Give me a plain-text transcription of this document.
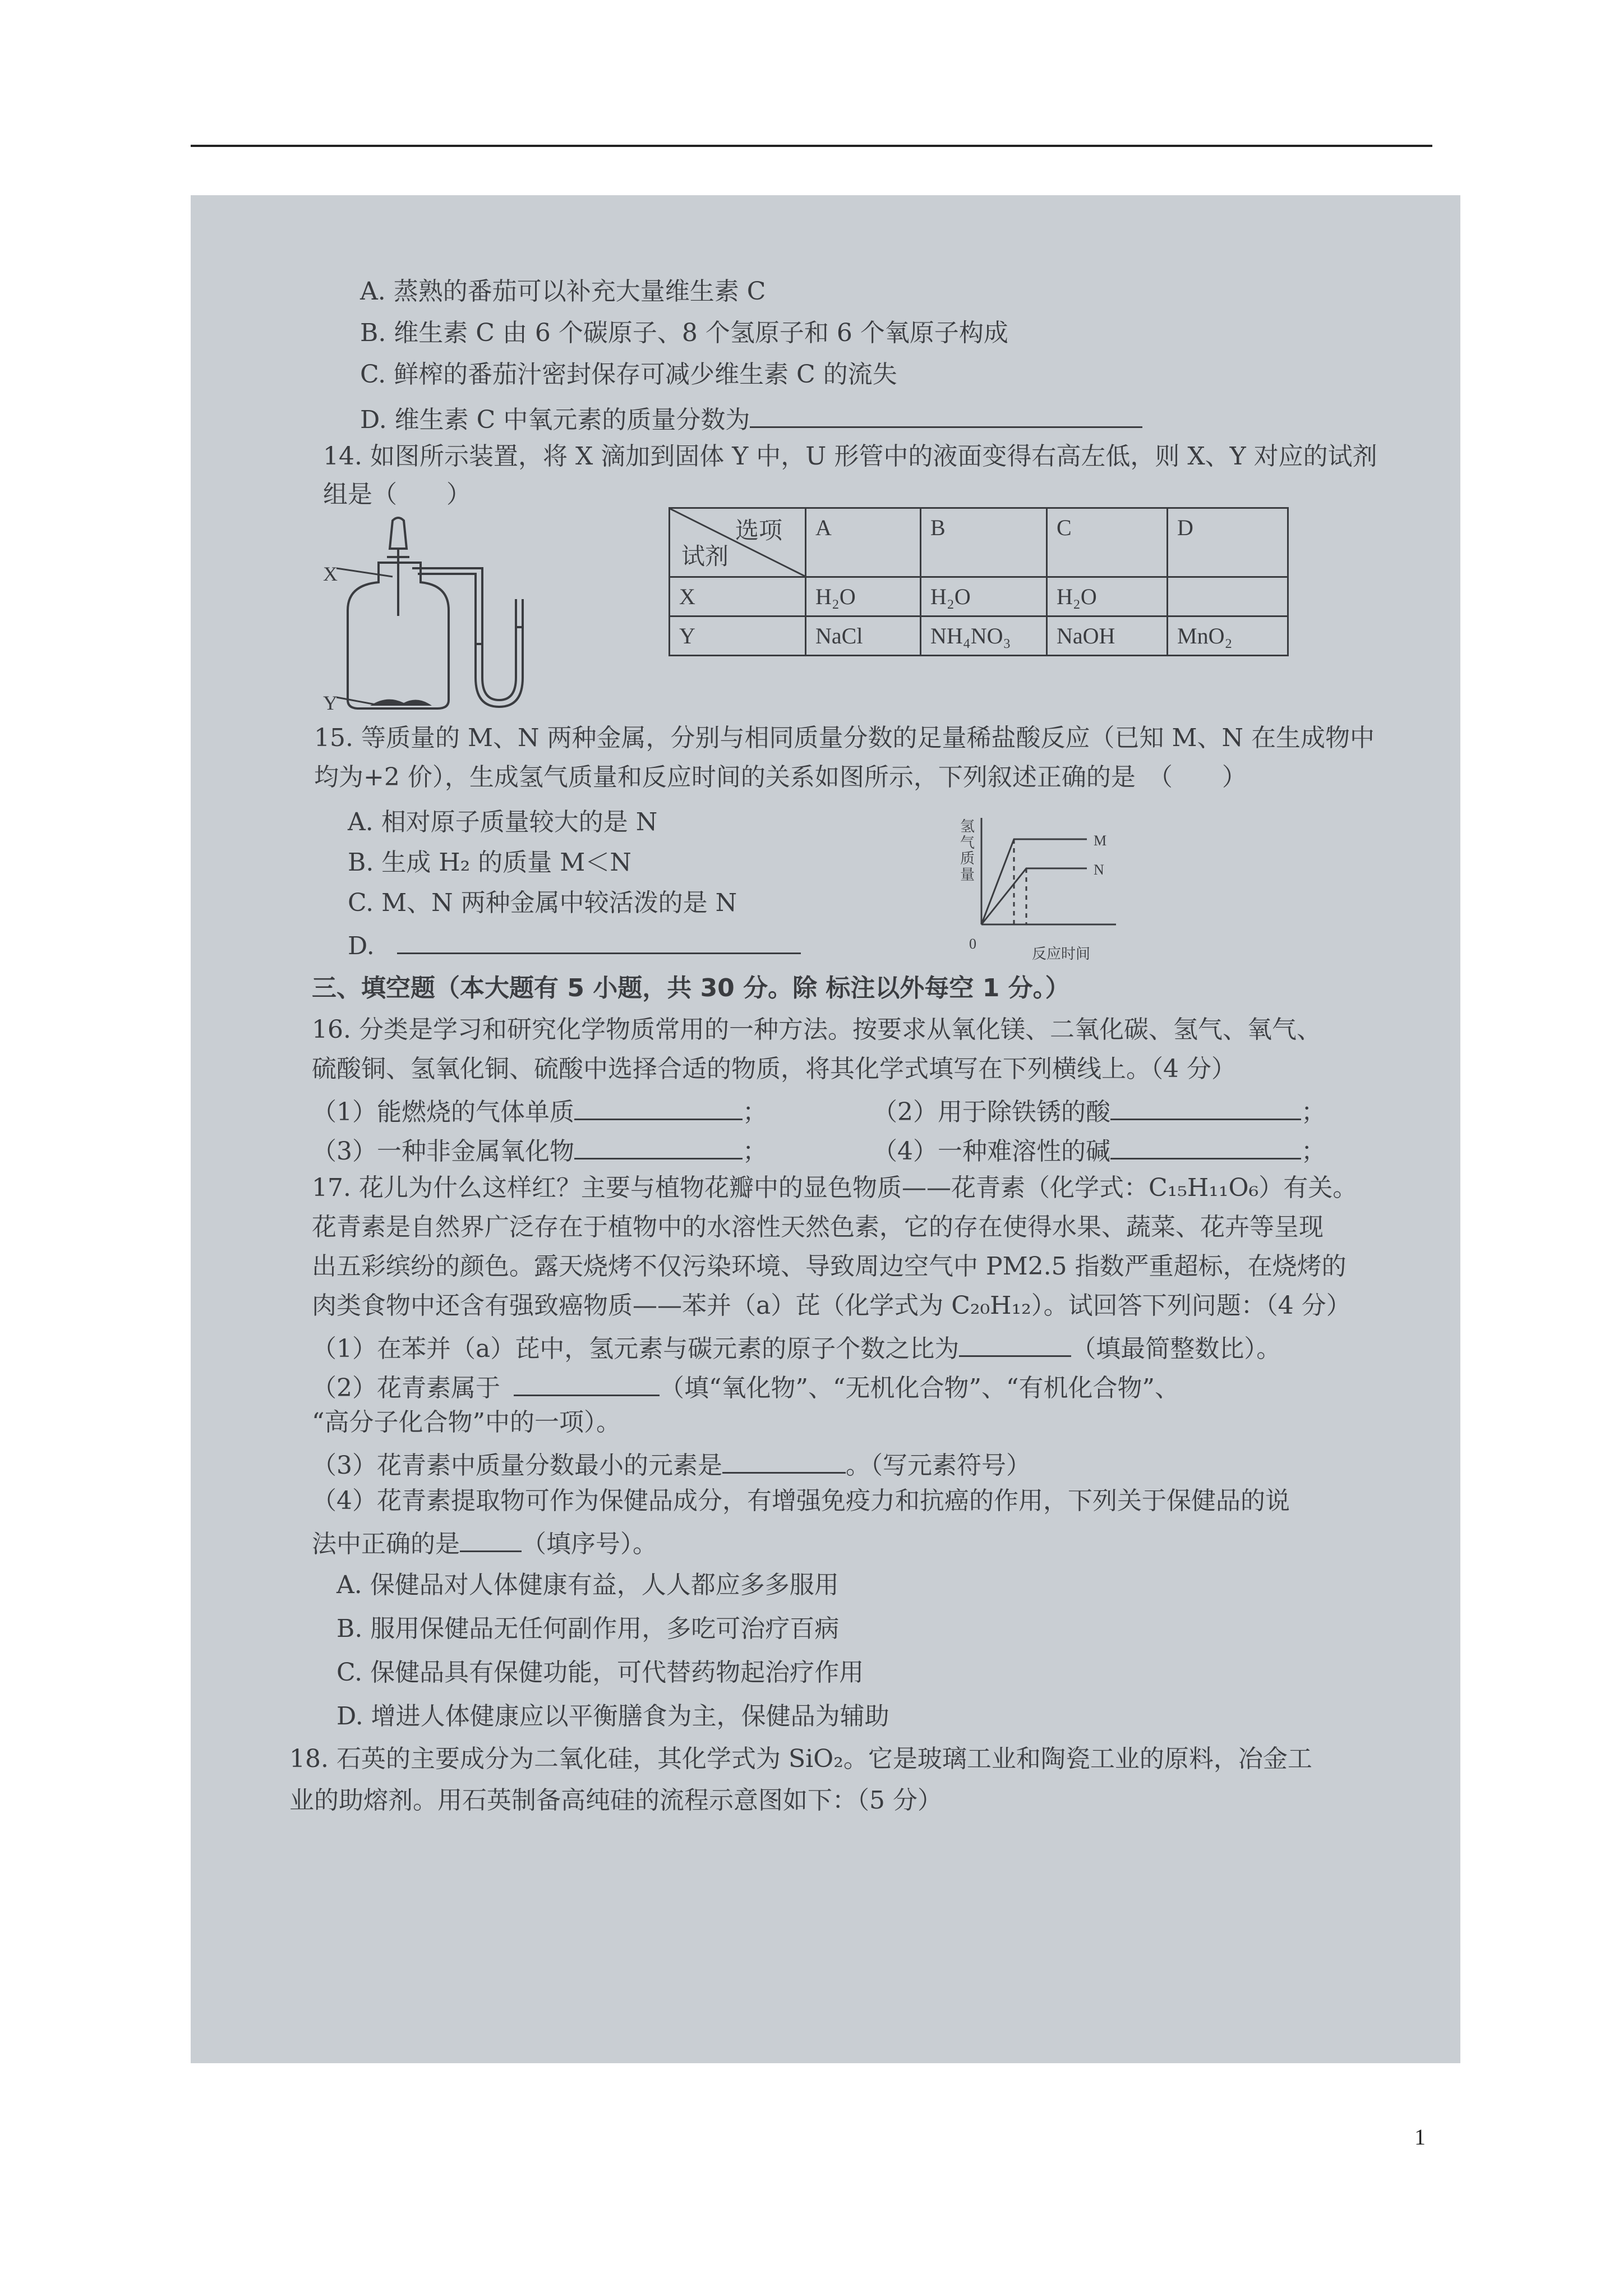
A. 蒸熟的番茄可以补充大量维生素 C
B. 维生素 C 由 6 个碳原子、8 个氢原子和 6 个氧原子构成
C. 鲜榨的番茄汁密封保存可减少维生素 C 的流失
D. 维生素 C 中氧元素的质量分数为
14. 如图所示装置，将 X 滴加到固体 Y 中，U 形管中的液面变得右高左低，则 X、Y 对应的试剂
组是（　　）
X
Y
选项
试剂	A	B	C	D
X	H₂O	H₂O	H₂O	
Y	NaCl	NH₄NO₃	NaOH	MnO₂
15. 等质量的 M、N 两种金属，分别与相同质量分数的足量稀盐酸反应（已知 M、N 在生成物中
均为+2 价），生成氢气质量和反应时间的关系如图所示，下列叙述正确的是　（　　）
A. 相对原子质量较大的是 N
B. 生成 H₂ 的质量 M＜N
C. M、N 两种金属中较活泼的是 N
D.
氢气质量
反应时间
0
M
N
三、填空题（本大题有 5 小题，共 30 分。除 标注以外每空 1 分。）
16. 分类是学习和研究化学物质常用的一种方法。按要求从氧化镁、二氧化碳、氢气、氧气、
硫酸铜、氢氧化铜、硫酸中选择合适的物质，将其化学式填写在下列横线上。（4 分）
（1）能燃烧的气体单质	；	（2）用于除铁锈的酸	；
（3）一种非金属氧化物	；	（4）一种难溶性的碱	；
17. 花儿为什么这样红？主要与植物花瓣中的显色物质——花青素（化学式：C₁₅H₁₁O₆）有关。
花青素是自然界广泛存在于植物中的水溶性天然色素，它的存在使得水果、蔬菜、花卉等呈现
出五彩缤纷的颜色。露天烧烤不仅污染环境、导致周边空气中 PM2.5 指数严重超标，在烧烤的
肉类食物中还含有强致癌物质——苯并（a）芘（化学式为 C₂₀H₁₂）。试回答下列问题：（4 分）
（1）在苯并（a）芘中，氢元素与碳元素的原子个数之比为	（填最简整数比）。
（2）花青素属于	（填“氧化物”、“无机化合物”、“有机化合物”、
“高分子化合物”中的一项）。
（3）花青素中质量分数最小的元素是	。（写元素符号）
（4）花青素提取物可作为保健品成分，有增强免疫力和抗癌的作用，下列关于保健品的说
法中正确的是	（填序号）。
A. 保健品对人体健康有益，人人都应多多服用
B. 服用保健品无任何副作用，多吃可治疗百病
C. 保健品具有保健功能，可代替药物起治疗作用
D. 增进人体健康应以平衡膳食为主，保健品为辅助
18. 石英的主要成分为二氧化硅，其化学式为 SiO₂。它是玻璃工业和陶瓷工业的原料，冶金工
业的助熔剂。用石英制备高纯硅的流程示意图如下：（5 分）
1
